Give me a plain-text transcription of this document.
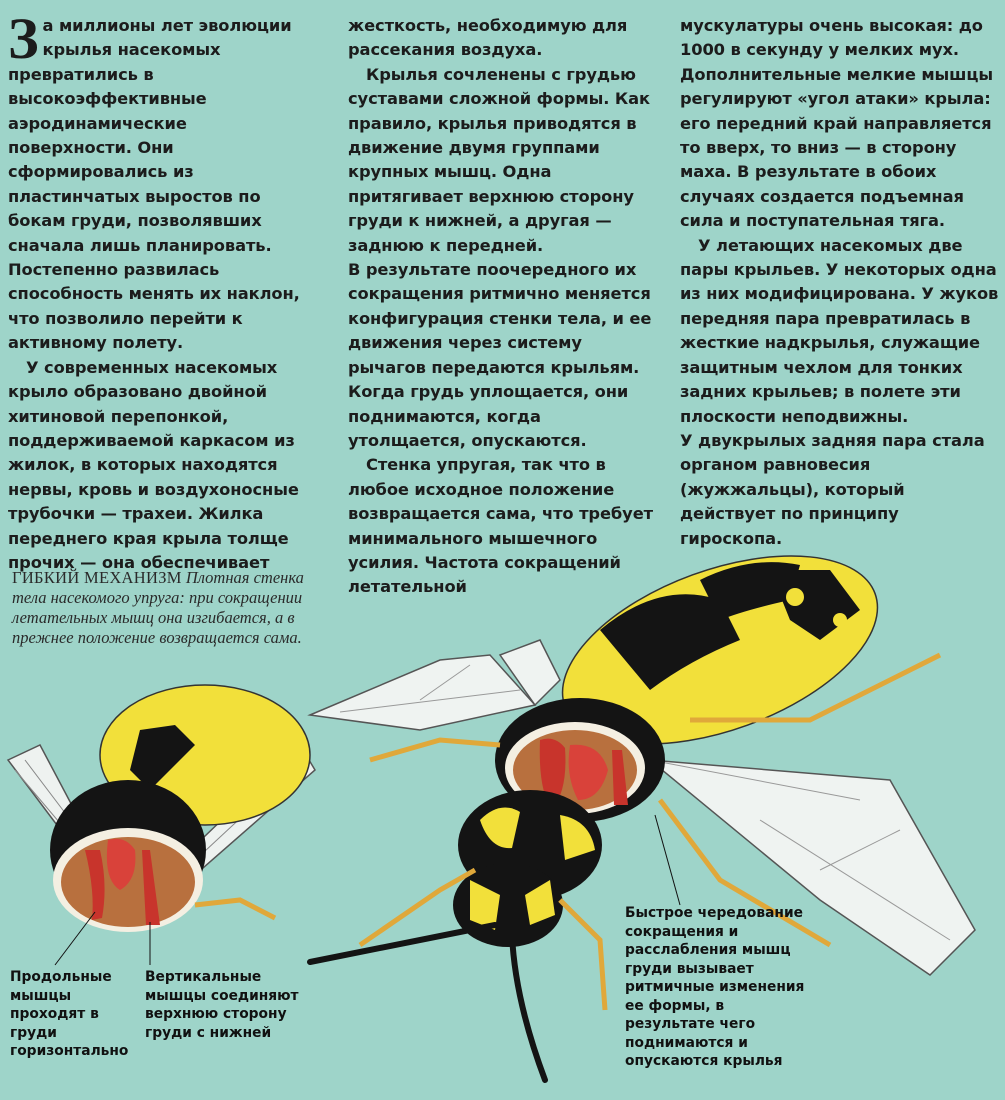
За миллионы лет эволюции крылья насекомых превратились в высокоэффективные аэродинамические поверхности. Они сформировались из пластинчатых выростов по бокам груди, позволявших сначала лишь планировать. Постепенно развилась способность менять их наклон, что позволило перейти к активному полету.

У современных насекомых крыло образовано двойной хитиновой перепонкой, поддерживаемой каркасом из жилок, в которых находятся нервы, кровь и воздухоносные трубочки — трахеи. Жилка переднего края крыла толще прочих — она обеспечивает

жесткость, необходимую для рассекания воздуха.

Крылья сочленены с грудью суставами сложной формы. Как правило, крылья приводятся в движение двумя группами крупных мышц. Одна притягивает верхнюю сторону груди к нижней, а другая — заднюю к передней.

В результате поочередного их сокращения ритмично меняется конфигурация стенки тела, и ее движения через систему рычагов передаются крыльям. Когда грудь уплощается, они поднимаются, когда утолщается, опускаются.

Стенка упругая, так что в любое исходное положение возвращается сама, что требует минимального мышечного усилия. Частота сокращений летательной

мускулатуры очень высокая: до 1000 в секунду у мелких мух. Дополнительные мелкие мышцы регулируют «угол атаки» крыла: его передний край направляется то вверх, то вниз — в сторону маха. В результате в обоих случаях создается подъемная сила и поступательная тяга.

У летающих насекомых две пары крыльев. У некоторых одна из них модифицирована. У жуков передняя пара превратилась в жесткие надкрылья, служащие защитным чехлом для тонких задних крыльев; в полете эти плоскости неподвижны.

У двукрылых задняя пара стала органом равновесия (жужжальцы), который действует по принципу гироскопа.

ГИБКИЙ МЕХАНИЗМ Плотная стенка тела насекомого упруга: при сокращении летательных мышц она изгибается, а в прежнее положение возвращается сама.
Продольные мышцы проходят в груди горизонтально
Вертикальные мышцы соединяют верхнюю сторону груди с нижней
Быстрое чередование сокращения и расслабления мышц груди вызывает ритмичные изменения ее формы, в результате чего поднимаются и опускаются крылья
